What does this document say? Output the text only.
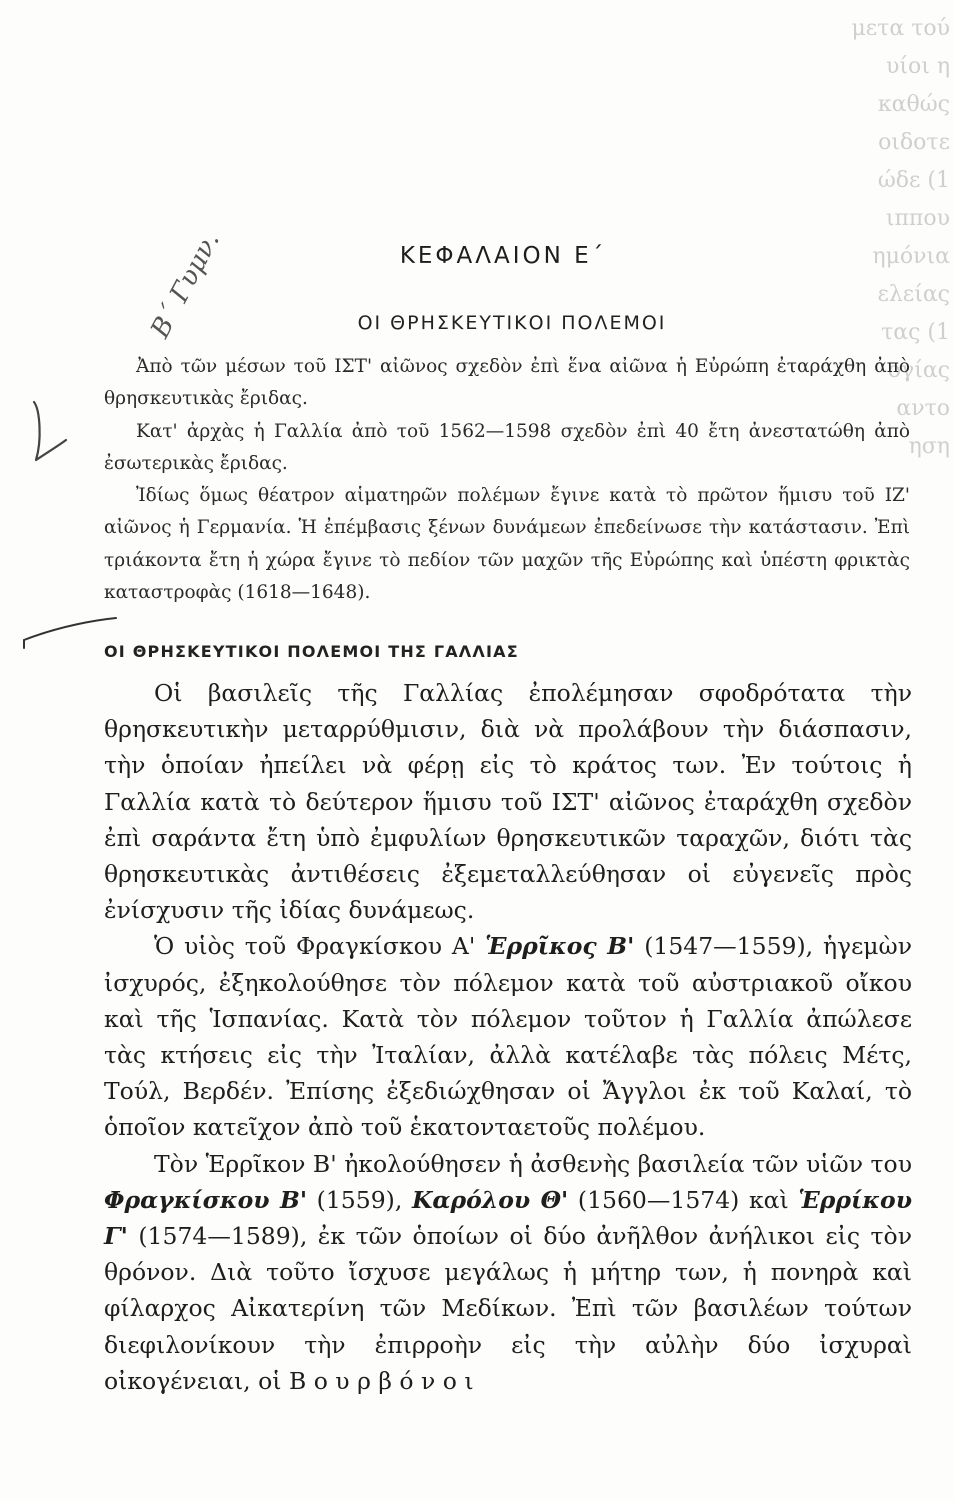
μετα τού
υίοι η
καθώς
οιδοτε
ώδε (1
ιππου
ημόνια
ελείας
τας (1
ογίας
αντο
ηση
ΚΕΦΑΛΑΙΟΝ Ε΄
ΟΙ ΘΡΗΣΚΕΥΤΙΚΟΙ ΠΟΛΕΜΟΙ
Β΄ Γυμν.

Ἀπὸ τῶν μέσων τοῦ ΙΣΤ' αἰῶνος σχεδὸν ἐπὶ ἕνα αἰῶνα ἡ Εὐρώπη ἐταράχθη ἀπὸ θρησκευτικὰς ἔριδας.

Κατ' ἀρχὰς ἡ Γαλλία ἀπὸ τοῦ 1562—1598 σχεδὸν ἐπὶ 40 ἔτη ἀνεστατώθη ἀπὸ ἐσωτερικὰς ἔριδας.

Ἰδίως ὅμως θέατρον αἱματηρῶν πολέμων ἔγινε κατὰ τὸ πρῶτον ἥμισυ τοῦ ΙΖ' αἰῶνος ἡ Γερμανία. Ἡ ἐπέμβασις ξένων δυνάμεων ἐπεδείνωσε τὴν κατάστασιν. Ἐπὶ τριάκοντα ἔτη ἡ χώρα ἔγινε τὸ πεδίον τῶν μαχῶν τῆς Εὐρώπης καὶ ὑπέστη φρικτὰς καταστροφὰς (1618—1648).

ΟΙ ΘΡΗΣΚΕΥΤΙΚΟΙ ΠΟΛΕΜΟΙ ΤΗΣ ΓΑΛΛΙΑΣ

Οἱ βασιλεῖς τῆς Γαλλίας ἐπολέμησαν σφοδρότατα τὴν θρησκευτικὴν μεταρρύθμισιν, διὰ νὰ προλάβουν τὴν διάσπασιν, τὴν ὁποίαν ἠπείλει νὰ φέρῃ εἰς τὸ κράτος των. Ἐν τούτοις ἡ Γαλλία κατὰ τὸ δεύτερον ἥμισυ τοῦ ΙΣΤ' αἰῶνος ἐταράχθη σχεδὸν ἐπὶ σαράντα ἔτη ὑπὸ ἐμφυλίων θρησκευτικῶν ταραχῶν, διότι τὰς θρησκευτικὰς ἀντιθέσεις ἐξεμεταλλεύθησαν οἱ εὐγενεῖς πρὸς ἐνίσχυσιν τῆς ἰδίας δυνάμεως.

Ὁ υἱὸς τοῦ Φραγκίσκου Α' Ἑρρῖκος Β' (1547—1559), ἡγεμὼν ἰσχυρός, ἐξηκολούθησε τὸν πόλεμον κατὰ τοῦ αὐστριακοῦ οἴκου καὶ τῆς Ἱσπανίας. Κατὰ τὸν πόλεμον τοῦτον ἡ Γαλλία ἀπώλεσε τὰς κτήσεις εἰς τὴν Ἰταλίαν, ἀλλὰ κατέλαβε τὰς πόλεις Μέτς, Τούλ, Βερδέν. Ἐπίσης ἐξεδιώχθησαν οἱ Ἄγγλοι ἐκ τοῦ Καλαί, τὸ ὁποῖον κατεῖχον ἀπὸ τοῦ ἑκατονταετοῦς πολέμου.

Τὸν Ἑρρῖκον Β' ἠκολούθησεν ἡ ἀσθενὴς βασιλεία τῶν υἱῶν του Φραγκίσκου Β' (1559), Καρόλου Θ' (1560—1574) καὶ Ἑρρίκου Γ' (1574—1589), ἐκ τῶν ὁποίων οἱ δύο ἀνῆλθον ἀνήλικοι εἰς τὸν θρόνον. Διὰ τοῦτο ἴσχυσε μεγάλως ἡ μήτηρ των, ἡ πονηρὰ καὶ φίλαρχος Αἰκατερίνη τῶν Μεδίκων. Ἐπὶ τῶν βασιλέων τούτων διεφιλονίκουν τὴν ἐπιρροὴν εἰς τὴν αὐλὴν δύο ἰσχυραὶ οἰκογένειαι, οἱ Β ο υ ρ β ό ν ο ι
